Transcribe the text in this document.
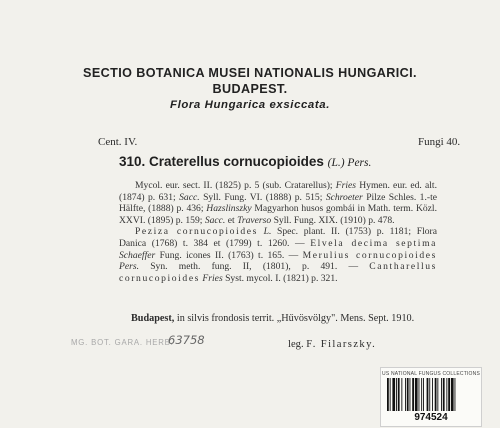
SECTIO BOTANICA MUSEI NATIONALIS HUNGARICI.
BUDAPEST.
Flora Hungarica exsiccata.
Cent. IV.	Fungi 40.
310. Craterellus cornucopioides (L.) Pers.

Mycol. eur. sect. II. (1825) p. 5 (sub. Cratarellus); Fries Hymen. eur. ed. alt. (1874) p. 631; Sacc. Syll. Fung. VI. (1888) p. 515; Schroeter Pilze Schles. 1.-te Hälfte, (1888) p. 436; Hazslinszky Magyarhon husos gombái in Math. term. Közl. XXVI. (1895) p. 159; Sacc. et Traverso Syll. Fung. XIX. (1910) p. 478.

Peziza cornucopioides L. Spec. plant. II. (1753) p. 1181; Flora Danica (1768) t. 384 et (1799) t. 1260. — Elvela decima septima Schaeffer Fung. icones II. (1763) t. 165. — Merulius cornucopioides Pers. Syn. meth. fung. II, (1801), p. 491. — Cantharellus cornucopioides Fries Syst. mycol. I. (1821) p. 321.

Budapest, in silvis frondosis territ. „Hűvösvölgy". Mens. Sept. 1910.
MG. BOT. GARA. HERB.
63758	leg. F. Filarszky.
US NATIONAL FUNGUS COLLECTIONS
974524
